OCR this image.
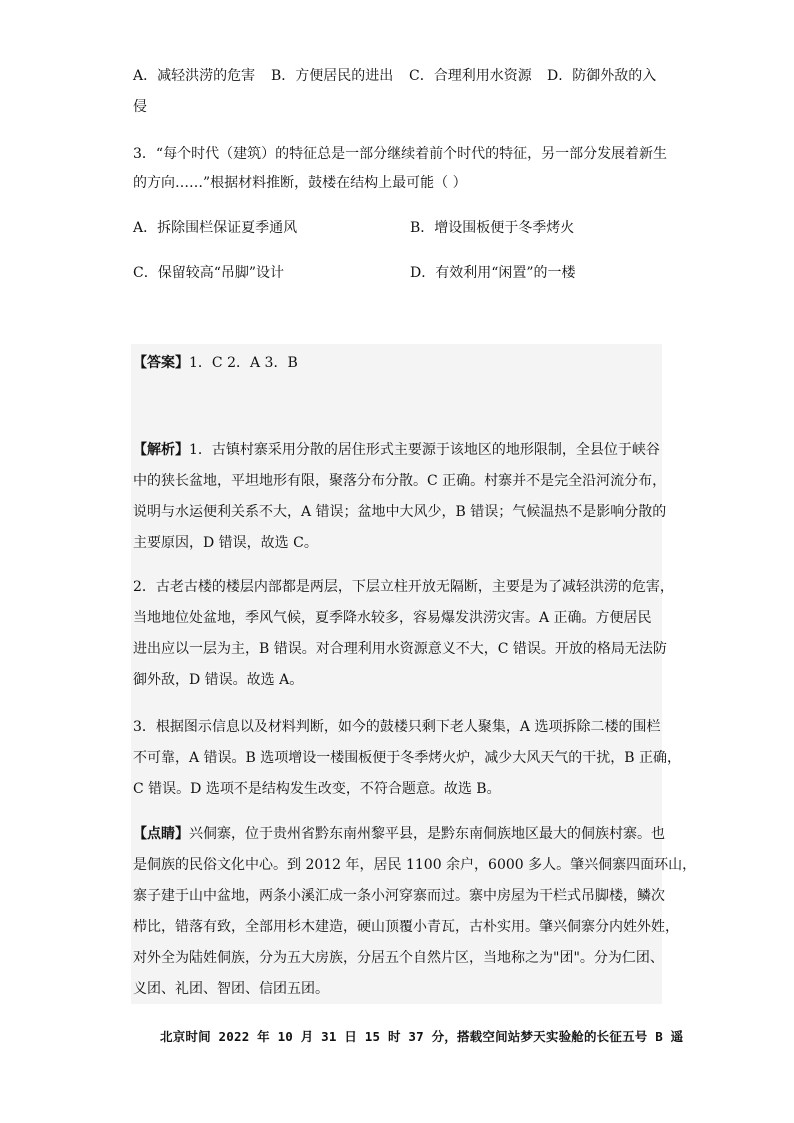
A．减轻洪涝的危害 B．方便居民的进出 C．合理利用水资源 D．防御外敌的入
侵
3．“每个时代（建筑）的特征总是一部分继续着前个时代的特征，另一部分发展着新生
的方向……”根据材料推断，鼓楼在结构上最可能（ ）
A．拆除围栏保证夏季通风	B．增设围板便于冬季烤火
C．保留较高“吊脚”设计	D．有效利用“闲置”的一楼
【答案】1．C 2．A 3．B
【解析】1．古镇村寨采用分散的居住形式主要源于该地区的地形限制，全县位于峡谷
中的狭长盆地，平坦地形有限，聚落分布分散。C 正确。村寨并不是完全沿河流分布，
说明与水运便利关系不大，A 错误；盆地中大风少，B 错误；气候温热不是影响分散的
主要原因，D 错误，故选 C。
2．古老古楼的楼层内部都是两层，下层立柱开放无隔断，主要是为了减轻洪涝的危害，
当地地位处盆地，季风气候，夏季降水较多，容易爆发洪涝灾害。A 正确。方便居民
进出应以一层为主，B 错误。对合理利用水资源意义不大，C 错误。开放的格局无法防
御外敌，D 错误。故选 A。
3．根据图示信息以及材料判断，如今的鼓楼只剩下老人聚集，A 选项拆除二楼的围栏
不可靠，A 错误。B 选项增设一楼围板便于冬季烤火炉，减少大风天气的干扰，B 正确，
C 错误。D 选项不是结构发生改变，不符合题意。故选 B。
【点睛】兴侗寨，位于贵州省黔东南州黎平县，是黔东南侗族地区最大的侗族村寨。也
是侗族的民俗文化中心。到 2012 年，居民 1100 余户，6000 多人。肇兴侗寨四面环山，
寨子建于山中盆地，两条小溪汇成一条小河穿寨而过。寨中房屋为干栏式吊脚楼，鳞次
栉比，错落有致，全部用杉木建造，硬山顶覆小青瓦，古朴实用。肇兴侗寨分内姓外姓，
对外全为陆姓侗族，分为五大房族，分居五个自然片区，当地称之为"团"。分为仁团、
义团、礼团、智团、信团五团。
北京时间 2022 年 10 月 31 日 15 时 37 分，搭载空间站梦天实验舱的长征五号 B 遥
